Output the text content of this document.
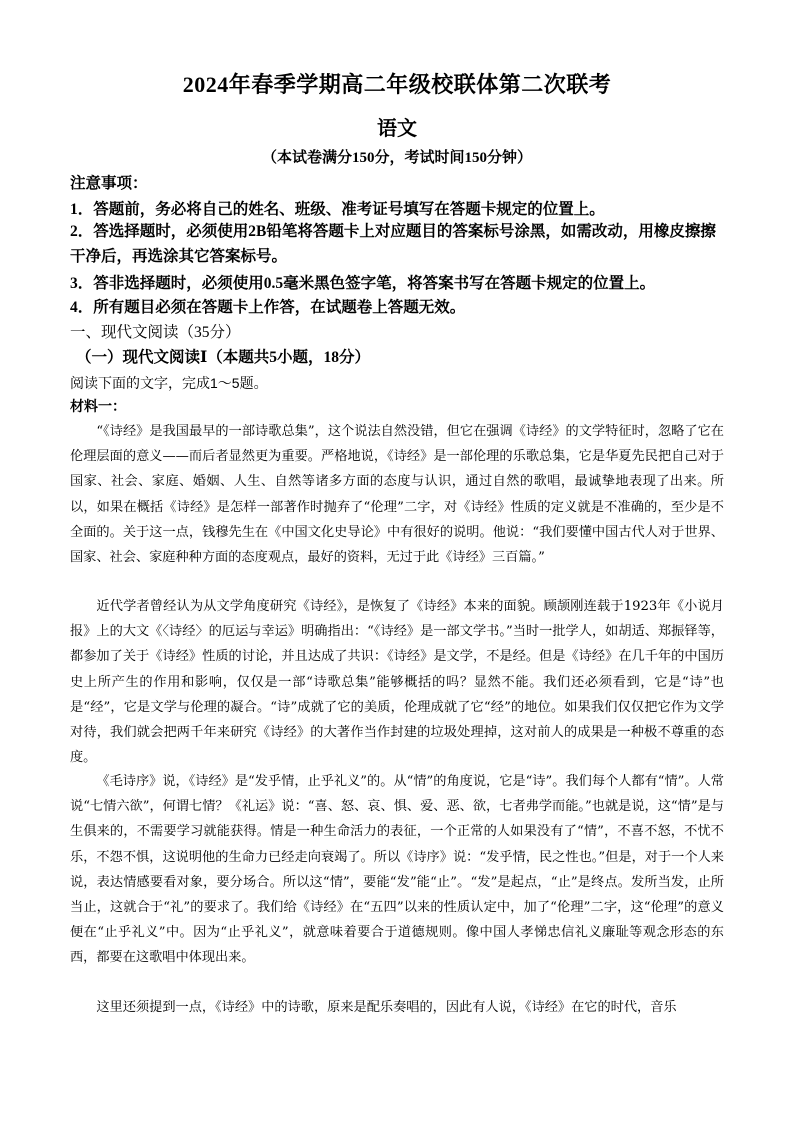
2024年春季学期高二年级校联体第二次联考
语文
（本试卷满分150分，考试时间150分钟）
注意事项：
1．答题前，务必将自己的姓名、班级、准考证号填写在答题卡规定的位置上。
2．答选择题时，必须使用2B铅笔将答题卡上对应题目的答案标号涂黑，如需改动，用橡皮擦擦干净后，再选涂其它答案标号。
3．答非选择题时，必须使用0.5毫米黑色签字笔，将答案书写在答题卡规定的位置上。
4．所有题目必须在答题卡上作答，在试题卷上答题无效。
一、现代文阅读（35分）
（一）现代文阅读Ⅰ（本题共5小题，18分）
阅读下面的文字，完成1～5题。
材料一：

“《诗经》是我国最早的一部诗歌总集”，这个说法自然没错，但它在强调《诗经》的文学特征时，忽略了它在伦理层面的意义——而后者显然更为重要。严格地说，《诗经》是一部伦理的乐歌总集，它是华夏先民把自己对于国家、社会、家庭、婚姻、人生、自然等诸多方面的态度与认识，通过自然的歌唱，最诚挚地表现了出来。所以，如果在概括《诗经》是怎样一部著作时抛弃了“伦理”二字，对《诗经》性质的定义就是不准确的，至少是不全面的。关于这一点，钱穆先生在《中国文化史导论》中有很好的说明。他说：“我们要懂中国古代人对于世界、国家、社会、家庭种种方面的态度观点，最好的资料，无过于此《诗经》三百篇。”

近代学者曾经认为从文学角度研究《诗经》，是恢复了《诗经》本来的面貌。顾颉刚连载于1923年《小说月报》上的大文《〈诗经〉的厄运与幸运》明确指出：“《诗经》是一部文学书。”当时一批学人，如胡适、郑振铎等，都参加了关于《诗经》性质的讨论，并且达成了共识：《诗经》是文学，不是经。但是《诗经》在几千年的中国历史上所产生的作用和影响，仅仅是一部“诗歌总集”能够概括的吗？显然不能。我们还必须看到，它是“诗”也是“经”，它是文学与伦理的凝合。“诗”成就了它的美质，伦理成就了它“经”的地位。如果我们仅仅把它作为文学对待，我们就会把两千年来研究《诗经》的大著作当作封建的垃圾处理掉，这对前人的成果是一种极不尊重的态度。

《毛诗序》说，《诗经》是“发乎情，止乎礼义”的。从“情”的角度说，它是“诗”。我们每个人都有“情”。人常说“七情六欲”，何谓七情？《礼运》说：“喜、怒、哀、惧、爱、恶、欲，七者弗学而能。”也就是说，这“情”是与生俱来的，不需要学习就能获得。情是一种生命活力的表征，一个正常的人如果没有了“情”，不喜不怒，不忧不乐，不怨不惧，这说明他的生命力已经走向衰竭了。所以《诗序》说：“发乎情，民之性也。”但是，对于一个人来说，表达情感要看对象，要分场合。所以这“情”，要能“发”能“止”。“发”是起点，“止”是终点。发所当发，止所当止，这就合于“礼”的要求了。我们给《诗经》在“五四”以来的性质认定中，加了“伦理”二字，这“伦理”的意义便在“止乎礼义”中。因为“止乎礼义”，就意味着要合于道德规则。像中国人孝悌忠信礼义廉耻等观念形态的东西，都要在这歌唱中体现出来。

这里还须提到一点，《诗经》中的诗歌，原来是配乐奏唱的，因此有人说，《诗经》在它的时代，音乐
